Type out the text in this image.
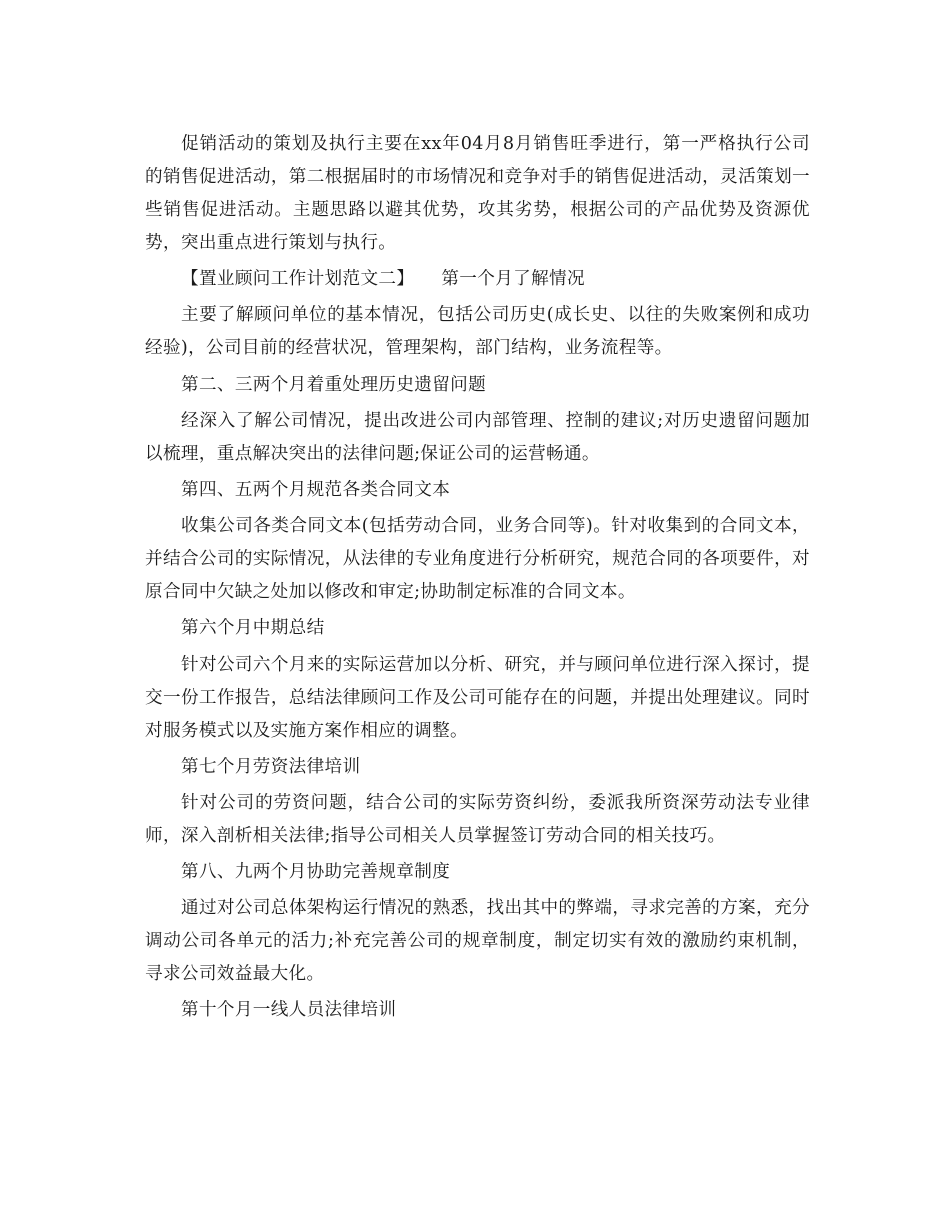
促销活动的策划及执行主要在xx年04月8月销售旺季进行，第一严格执行公司的销售促进活动，第二根据届时的市场情况和竞争对手的销售促进活动，灵活策划一些销售促进活动。主题思路以避其优势，攻其劣势，根据公司的产品优势及资源优势，突出重点进行策划与执行。

【置业顾问工作计划范文二】　　第一个月了解情况

主要了解顾问单位的基本情况，包括公司历史(成长史、以往的失败案例和成功经验)，公司目前的经营状况，管理架构，部门结构，业务流程等。

第二、三两个月着重处理历史遗留问题

经深入了解公司情况，提出改进公司内部管理、控制的建议;对历史遗留问题加以梳理，重点解决突出的法律问题;保证公司的运营畅通。

第四、五两个月规范各类合同文本

收集公司各类合同文本(包括劳动合同，业务合同等)。针对收集到的合同文本，并结合公司的实际情况，从法律的专业角度进行分析研究，规范合同的各项要件，对原合同中欠缺之处加以修改和审定;协助制定标准的合同文本。

第六个月中期总结

针对公司六个月来的实际运营加以分析、研究，并与顾问单位进行深入探讨，提交一份工作报告，总结法律顾问工作及公司可能存在的问题，并提出处理建议。同时对服务模式以及实施方案作相应的调整。

第七个月劳资法律培训

针对公司的劳资问题，结合公司的实际劳资纠纷，委派我所资深劳动法专业律师，深入剖析相关法律;指导公司相关人员掌握签订劳动合同的相关技巧。

第八、九两个月协助完善规章制度

通过对公司总体架构运行情况的熟悉，找出其中的弊端，寻求完善的方案，充分调动公司各单元的活力;补充完善公司的规章制度，制定切实有效的激励约束机制，寻求公司效益最大化。

第十个月一线人员法律培训
